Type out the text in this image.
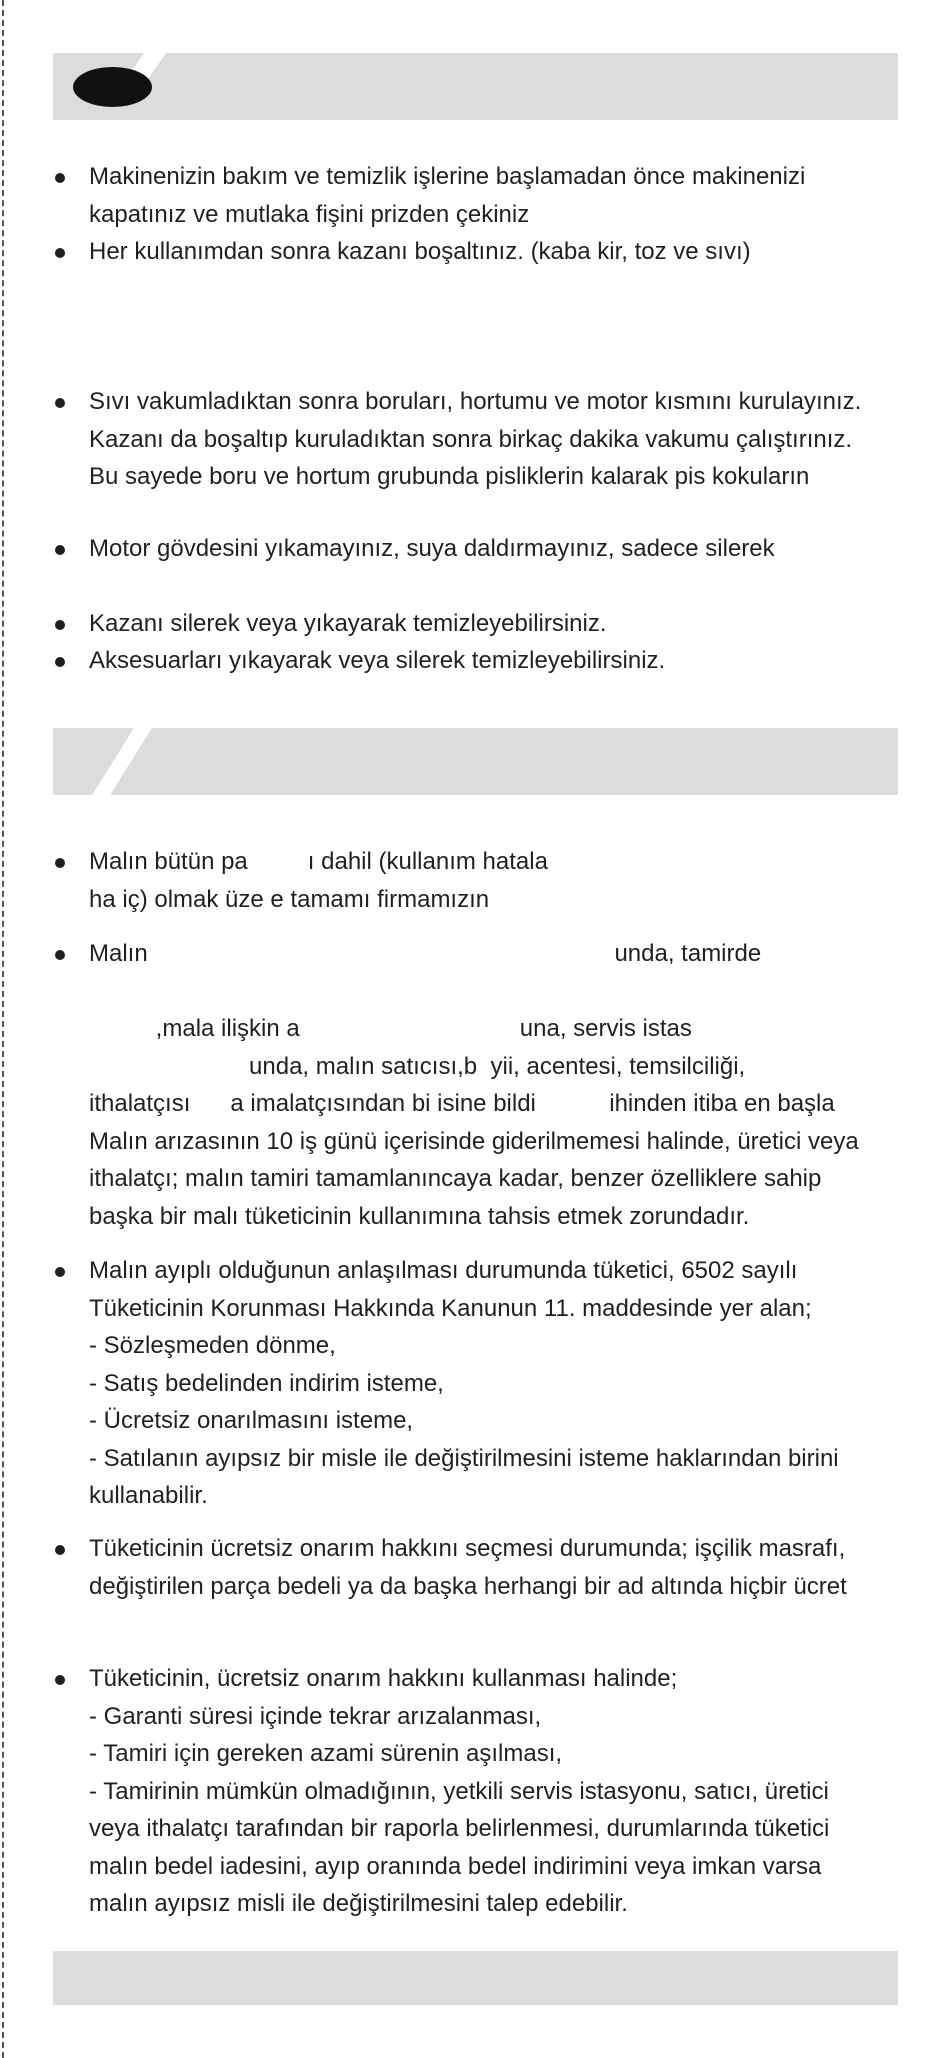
Makinenizin bakım ve temizlik işlerine başlamadan önce makinenizi
kapatınız ve mutlaka fişini prizden çekiniz
Her kullanımdan sonra kazanı boşaltınız. (kaba kir, toz ve sıvı)
Sıvı vakumladıktan sonra boruları, hortumu ve motor kısmını kurulayınız.
Kazanı da boşaltıp kuruladıktan sonra birkaç dakika vakumu çalıştırınız.
Bu sayede boru ve hortum grubunda pisliklerin kalarak pis kokuların
Motor gövdesini yıkamayınız, suya daldırmayınız, sadece silerek
Kazanı silerek veya yıkayarak temizleyebilirsiniz.
Aksesuarları yıkayarak veya silerek temizleyebilirsiniz.
Malın bütün pa         ı dahil (kullanım hatala
ha iç) olmak üze e tamamı firmamızın
Malın                                                                      unda, tamirde

,mala ilişkin a                                 una, servis istas
unda, malın satıcısı,b  yii, acentesi, temsilciliği,
ithalatçısı      a imalatçısından bi isine bildi           ihinden itiba en başla
Malın arızasının 10 iş günü içerisinde giderilmemesi halinde, üretici veya
ithalatçı; malın tamiri tamamlanıncaya kadar, benzer özelliklere sahip
başka bir malı tüketicinin kullanımına tahsis etmek zorundadır.
Malın ayıplı olduğunun anlaşılması durumunda tüketici, 6502 sayılı
Tüketicinin Korunması Hakkında Kanunun 11. maddesinde yer alan;
- Sözleşmeden dönme,
- Satış bedelinden indirim isteme,
- Ücretsiz onarılmasını isteme,
- Satılanın ayıpsız bir misle ile değiştirilmesini isteme haklarından birini
kullanabilir.
Tüketicinin ücretsiz onarım hakkını seçmesi durumunda; işçilik masrafı,
değiştirilen parça bedeli ya da başka herhangi bir ad altında hiçbir ücret
Tüketicinin, ücretsiz onarım hakkını kullanması halinde;
- Garanti süresi içinde tekrar arızalanması,
- Tamiri için gereken azami sürenin aşılması,
- Tamirinin mümkün olmadığının, yetkili servis istasyonu, satıcı, üretici
veya ithalatçı tarafından bir raporla belirlenmesi, durumlarında tüketici
malın bedel iadesini, ayıp oranında bedel indirimini veya imkan varsa
malın ayıpsız misli ile değiştirilmesini talep edebilir.
